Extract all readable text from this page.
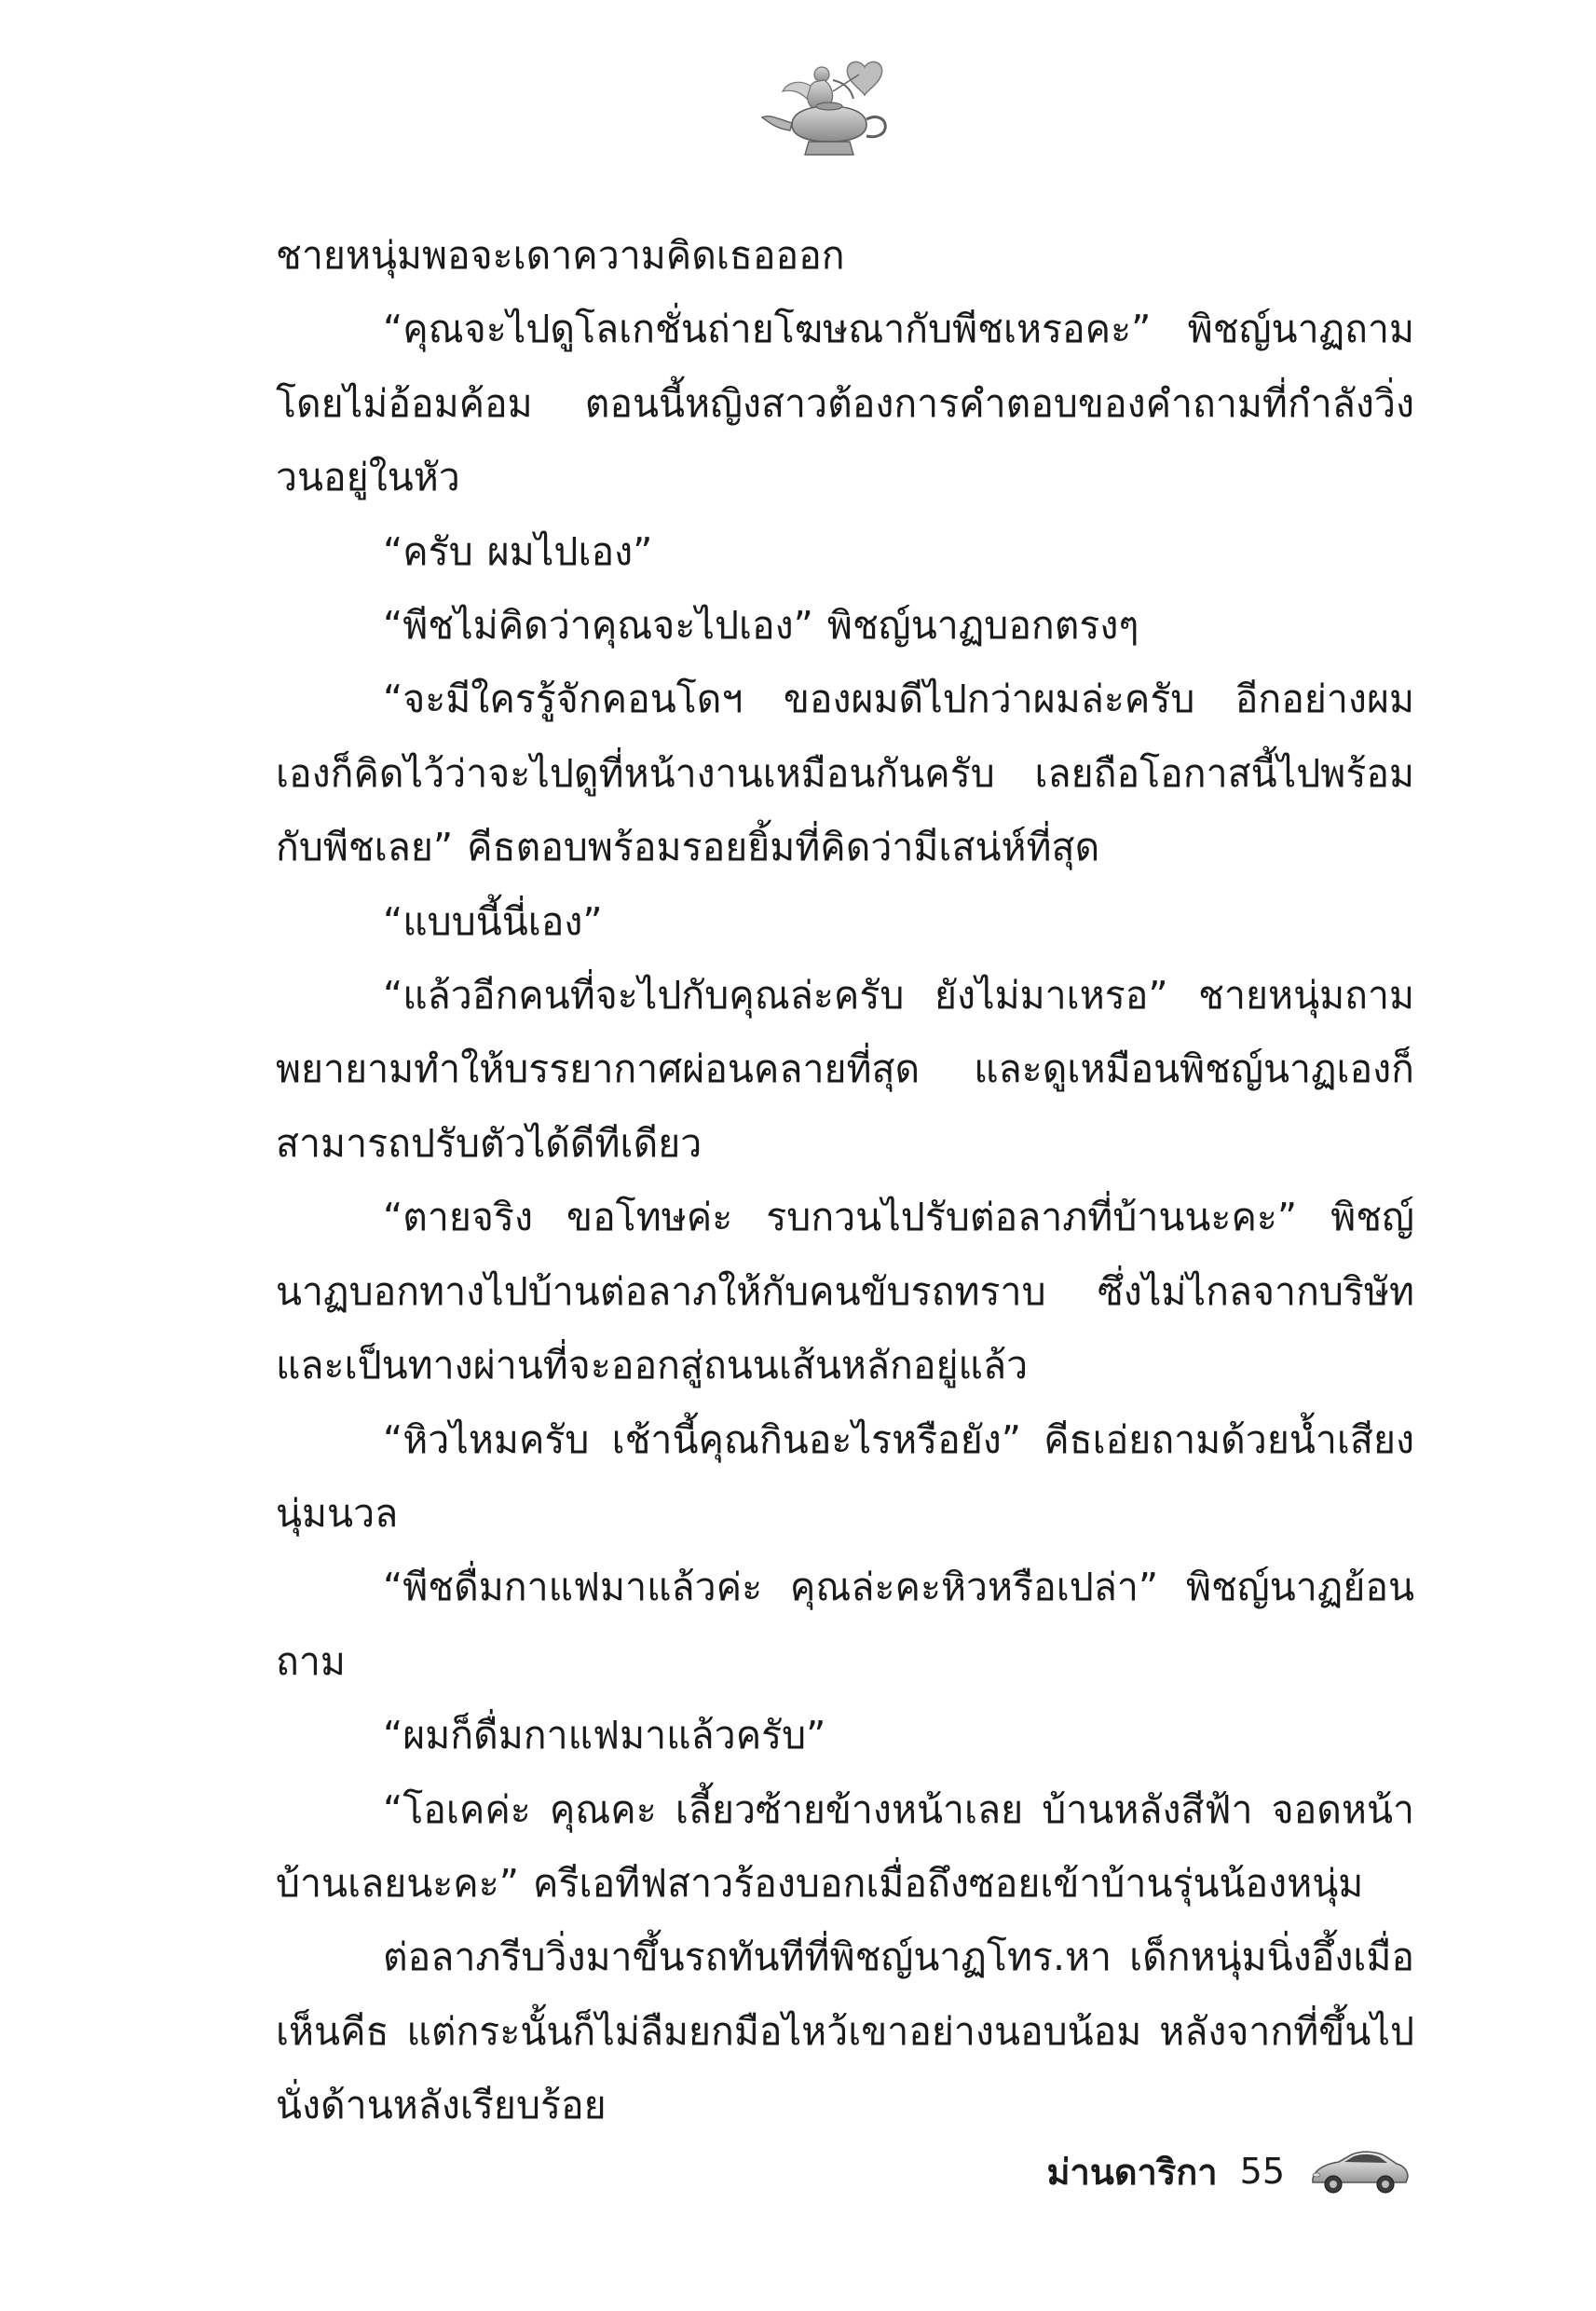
ชายหนุ่มพอจะเดาความคิดเธอออก

“คุณจะไปดูโลเกชั่นถ่ายโฆษณากับพีชเหรอคะ” พิชญ์นาฏถามโดยไม่อ้อมค้อม ตอนนี้หญิงสาวต้องการคำตอบของคำถามที่กำลังวิ่งวนอยู่ในหัว

“ครับ ผมไปเอง”

“พีชไม่คิดว่าคุณจะไปเอง” พิชญ์นาฏบอกตรงๆ

“จะมีใครรู้จักคอนโดฯ ของผมดีไปกว่าผมล่ะครับ อีกอย่างผมเองก็คิดไว้ว่าจะไปดูที่หน้างานเหมือนกันครับ เลยถือโอกาสนี้ไปพร้อมกับพีชเลย” คีธตอบพร้อมรอยยิ้มที่คิดว่ามีเสน่ห์ที่สุด

“แบบนี้นี่เอง”

“แล้วอีกคนที่จะไปกับคุณล่ะครับ ยังไม่มาเหรอ” ชายหนุ่มถามพยายามทำให้บรรยากาศผ่อนคลายที่สุด และดูเหมือนพิชญ์นาฏเองก็สามารถปรับตัวได้ดีทีเดียว

“ตายจริง ขอโทษค่ะ รบกวนไปรับต่อลาภที่บ้านนะคะ” พิชญ์นาฏบอกทางไปบ้านต่อลาภให้กับคนขับรถทราบ ซึ่งไม่ไกลจากบริษัท และเป็นทางผ่านที่จะออกสู่ถนนเส้นหลักอยู่แล้ว

“หิวไหมครับ เช้านี้คุณกินอะไรหรือยัง” คีธเอ่ยถามด้วยน้ำเสียงนุ่มนวล

“พีชดื่มกาแฟมาแล้วค่ะ คุณล่ะคะหิวหรือเปล่า” พิชญ์นาฏย้อนถาม

“ผมก็ดื่มกาแฟมาแล้วครับ”

“โอเคค่ะ คุณคะ เลี้ยวซ้ายข้างหน้าเลย บ้านหลังสีฟ้า จอดหน้าบ้านเลยนะคะ” ครีเอทีฟสาวร้องบอกเมื่อถึงซอยเข้าบ้านรุ่นน้องหนุ่ม

ต่อลาภรีบวิ่งมาขึ้นรถทันทีที่พิชญ์นาฏโทร.หา เด็กหนุ่มนิ่งอึ้งเมื่อเห็นคีธ แต่กระนั้นก็ไม่ลืมยกมือไหว้เขาอย่างนอบน้อม หลังจากที่ขึ้นไปนั่งด้านหลังเรียบร้อย

ม่านดาริกา 55
